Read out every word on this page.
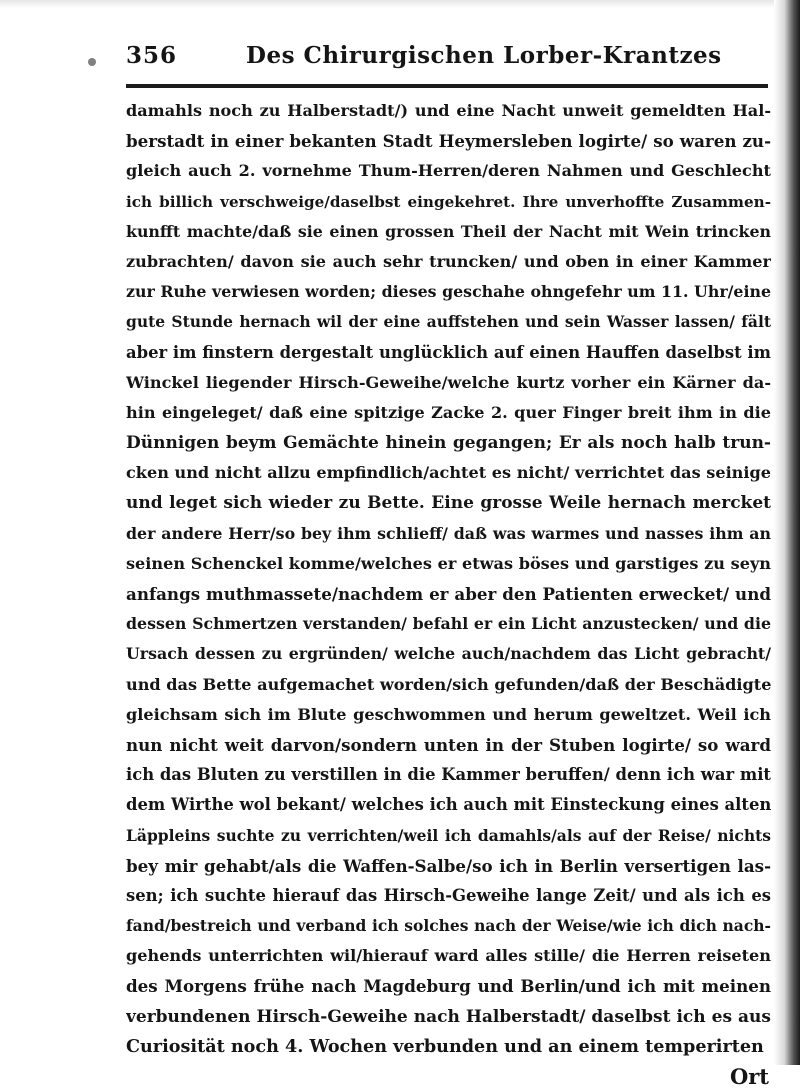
356	Des Chirurgischen Lorber-Krantzes
damahls noch zu Halberstadt/) und eine Nacht unweit gemeldten Hal-
berstadt in einer bekanten Stadt Heymersleben logirte/ so waren zu-
gleich auch 2. vornehme Thum-Herren/deren Nahmen und Geschlecht
ich billich verschweige/daselbst eingekehret. Ihre unverhoffte Zusammen-
kunfft machte/daß sie einen grossen Theil der Nacht mit Wein trincken
zubrachten/ davon sie auch sehr truncken/ und oben in einer Kammer
zur Ruhe verwiesen worden; dieses geschahe ohngefehr um 11. Uhr/eine
gute Stunde hernach wil der eine auffstehen und sein Wasser lassen/ fält
aber im finstern dergestalt unglücklich auf einen Hauffen daselbst im
Winckel liegender Hirsch-Geweihe/welche kurtz vorher ein Kärner da-
hin eingeleget/ daß eine spitzige Zacke 2. quer Finger breit ihm in die
Dünnigen beym Gemächte hinein gegangen; Er als noch halb trun-
cken und nicht allzu empfindlich/achtet es nicht/ verrichtet das seinige
und leget sich wieder zu Bette. Eine grosse Weile hernach mercket
der andere Herr/so bey ihm schlieff/ daß was warmes und nasses ihm an
seinen Schenckel komme/welches er etwas böses und garstiges zu seyn
anfangs muthmassete/nachdem er aber den Patienten erwecket/ und
dessen Schmertzen verstanden/ befahl er ein Licht anzustecken/ und die
Ursach dessen zu ergründen/ welche auch/nachdem das Licht gebracht/
und das Bette aufgemachet worden/sich gefunden/daß der Beschädigte
gleichsam sich im Blute geschwommen und herum geweltzet. Weil ich
nun nicht weit darvon/sondern unten in der Stuben logirte/ so ward
ich das Bluten zu verstillen in die Kammer beruffen/ denn ich war mit
dem Wirthe wol bekant/ welches ich auch mit Einsteckung eines alten
Läppleins suchte zu verrichten/weil ich damahls/als auf der Reise/ nichts
bey mir gehabt/als die Waffen-Salbe/so ich in Berlin versertigen las-
sen; ich suchte hierauf das Hirsch-Geweihe lange Zeit/ und als ich es
fand/bestreich und verband ich solches nach der Weise/wie ich dich nach-
gehends unterrichten wil/hierauf ward alles stille/ die Herren reiseten
des Morgens frühe nach Magdeburg und Berlin/und ich mit meinen
verbundenen Hirsch-Geweihe nach Halberstadt/ daselbst ich es aus
Curiosität noch 4. Wochen verbunden und an einem temperirten
Ort
